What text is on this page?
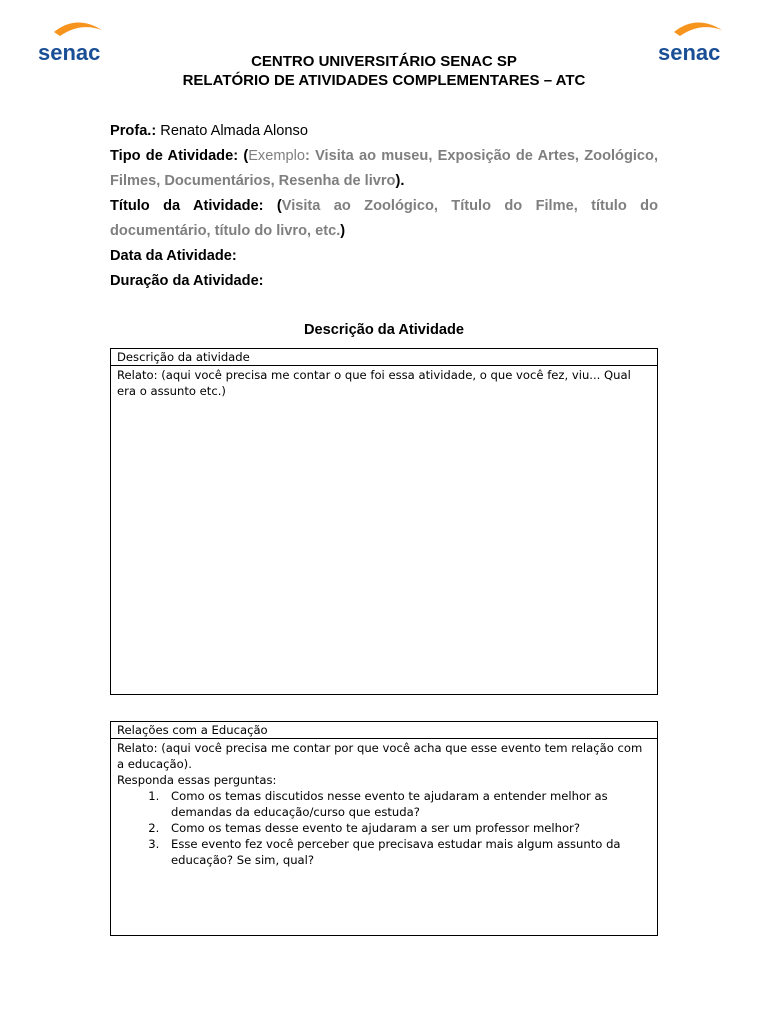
senac	senac
CENTRO UNIVERSITÁRIO SENAC SP
RELATÓRIO DE ATIVIDADES COMPLEMENTARES – ATC

Profa.: Renato Almada Alonso

Tipo de Atividade: (Exemplo: Visita ao museu, Exposição de Artes, Zoológico, Filmes, Documentários, Resenha de livro).

Título da Atividade: (Visita ao Zoológico, Título do Filme, título do documentário, título do livro, etc.)

Data da Atividade:

Duração da Atividade:

Descrição da Atividade
Descrição da atividade

Relato: (aqui você precisa me contar o que foi essa atividade, o que você fez, viu... Qual era o assunto etc.)

Relações com a Educação

Relato: (aqui você precisa me contar por que você acha que esse evento tem relação com a educação).

Responda essas perguntas:

1. Como os temas discutidos nesse evento te ajudaram a entender melhor as demandas da educação/curso que estuda?
2. Como os temas desse evento te ajudaram a ser um professor melhor?
3. Esse evento fez você perceber que precisava estudar mais algum assunto da educação? Se sim, qual?
